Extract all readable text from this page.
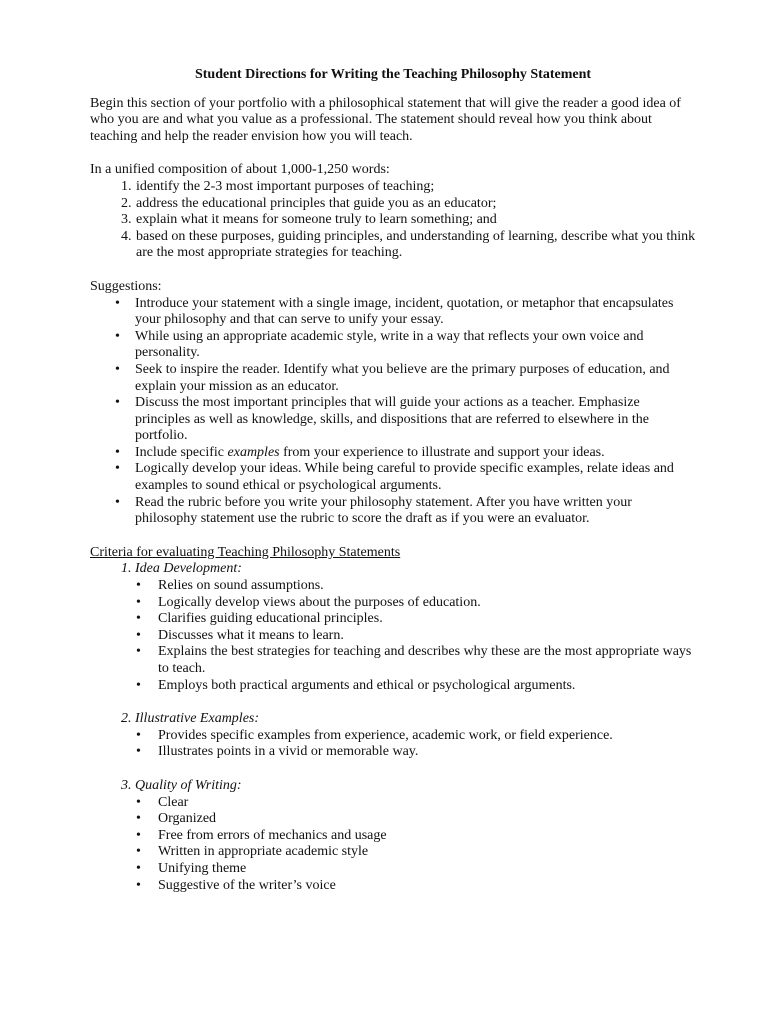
Student Directions for Writing the Teaching Philosophy Statement

Begin this section of your portfolio with a philosophical statement that will give the reader a good idea of who you are and what you value as a professional. The statement should reveal how you think about teaching and help the reader envision how you will teach.

In a unified composition of about 1,000-1,250 words:

1. identify the 2-3 most important purposes of teaching;
2. address the educational principles that guide you as an educator;
3. explain what it means for someone truly to learn something; and
4. based on these purposes, guiding principles, and understanding of learning, describe what you think are the most appropriate strategies for teaching.

Suggestions:

• Introduce your statement with a single image, incident, quotation, or metaphor that encapsulates your philosophy and that can serve to unify your essay.
• While using an appropriate academic style, write in a way that reflects your own voice and personality.
• Seek to inspire the reader. Identify what you believe are the primary purposes of education, and explain your mission as an educator.
• Discuss the most important principles that will guide your actions as a teacher. Emphasize principles as well as knowledge, skills, and dispositions that are referred to elsewhere in the portfolio.
• Include specific examples from your experience to illustrate and support your ideas.
• Logically develop your ideas. While being careful to provide specific examples, relate ideas and examples to sound ethical or psychological arguments.
• Read the rubric before you write your philosophy statement. After you have written your philosophy statement use the rubric to score the draft as if you were an evaluator.

Criteria for evaluating Teaching Philosophy Statements

1. Idea Development:
• Relies on sound assumptions.
• Logically develop views about the purposes of education.
• Clarifies guiding educational principles.
• Discusses what it means to learn.
• Explains the best strategies for teaching and describes why these are the most appropriate ways to teach.
• Employs both practical arguments and ethical or psychological arguments.
2. Illustrative Examples:
• Provides specific examples from experience, academic work, or field experience.
• Illustrates points in a vivid or memorable way.
3. Quality of Writing:
• Clear
• Organized
• Free from errors of mechanics and usage
• Written in appropriate academic style
• Unifying theme
• Suggestive of the writer’s voice
